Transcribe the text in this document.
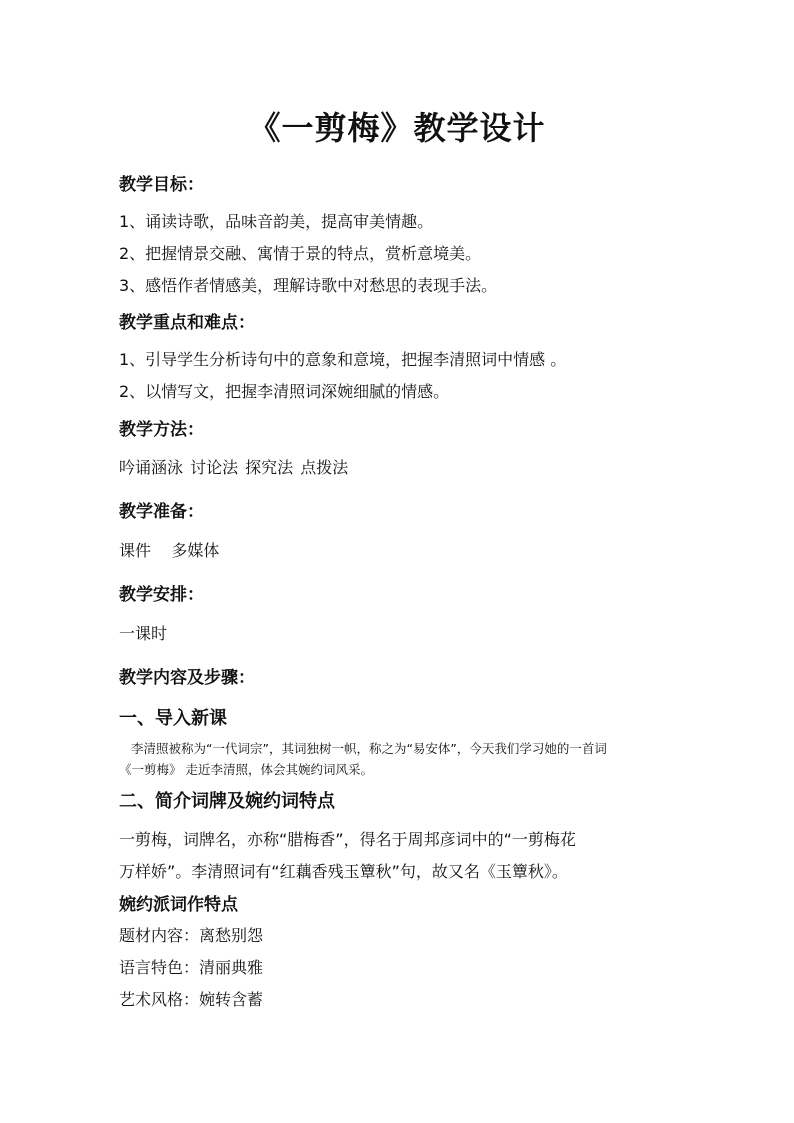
《一剪梅》教学设计
教学目标：
1、诵读诗歌，品味音韵美，提高审美情趣。
2、把握情景交融、寓情于景的特点，赏析意境美。
3、感悟作者情感美，理解诗歌中对愁思的表现手法。
教学重点和难点：
1、引导学生分析诗句中的意象和意境，把握李清照词中情感 。
2、以情写文，把握李清照词深婉细腻的情感。
教学方法：
吟诵涵泳 讨论法 探究法 点拨法
教学准备：
课件    多媒体
教学安排：
一课时
教学内容及步骤：
一、导入新课
李清照被称为“一代词宗”，其词独树一帜，称之为“易安体”，今天我们学习她的一首词
《一剪梅》 走近李清照，体会其婉约词风采。
二、简介词牌及婉约词特点
一剪梅，词牌名，亦称“腊梅香”，得名于周邦彦词中的“一剪梅花
万样娇”。李清照词有“红藕香残玉簟秋”句，故又名《玉簟秋》。
婉约派词作特点
题材内容：离愁别怨
语言特色：清丽典雅
艺术风格：婉转含蓄
